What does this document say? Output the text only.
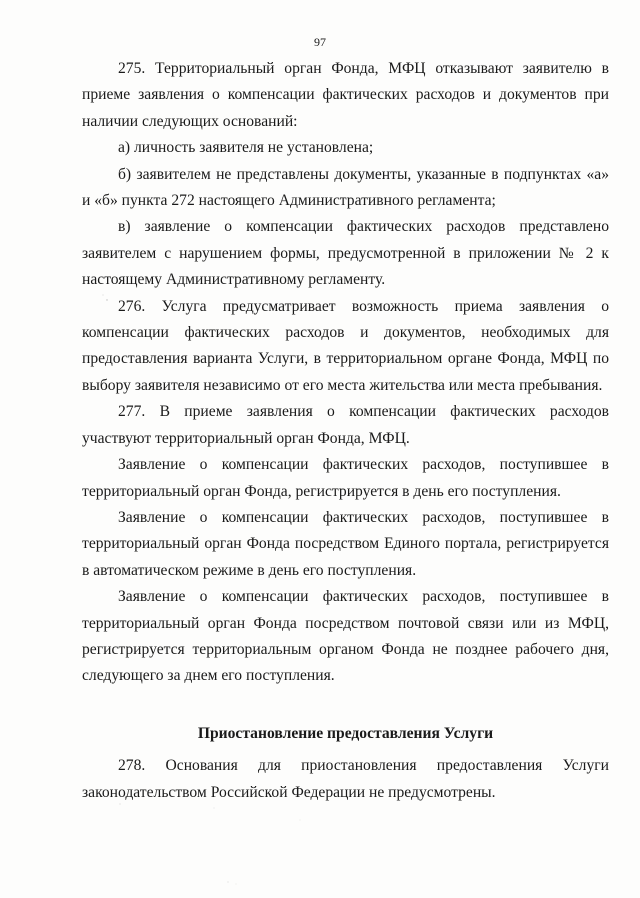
97

275. Территориальный орган Фонда, МФЦ отказывают заявителю в приеме заявления о компенсации фактических расходов и документов при наличии следующих оснований:

а) личность заявителя не установлена;

б) заявителем не представлены документы, указанные в подпунктах «а» и «б» пункта 272 настоящего Административного регламента;

в) заявление о компенсации фактических расходов представлено заявителем с нарушением формы, предусмотренной в приложении № 2 к настоящему Административному регламенту.

276. Услуга предусматривает возможность приема заявления о компенсации фактических расходов и документов, необходимых для предоставления варианта Услуги, в территориальном органе Фонда, МФЦ по выбору заявителя независимо от его места жительства или места пребывания.

277. В приеме заявления о компенсации фактических расходов участвуют территориальный орган Фонда, МФЦ.

Заявление о компенсации фактических расходов, поступившее в территориальный орган Фонда, регистрируется в день его поступления.

Заявление о компенсации фактических расходов, поступившее в территориальный орган Фонда посредством Единого портала, регистрируется в автоматическом режиме в день его поступления.

Заявление о компенсации фактических расходов, поступившее в территориальный орган Фонда посредством почтовой связи или из МФЦ, регистрируется территориальным органом Фонда не позднее рабочего дня, следующего за днем его поступления.

Приостановление предоставления Услуги

278. Основания для приостановления предоставления Услуги законодательством Российской Федерации не предусмотрены.
